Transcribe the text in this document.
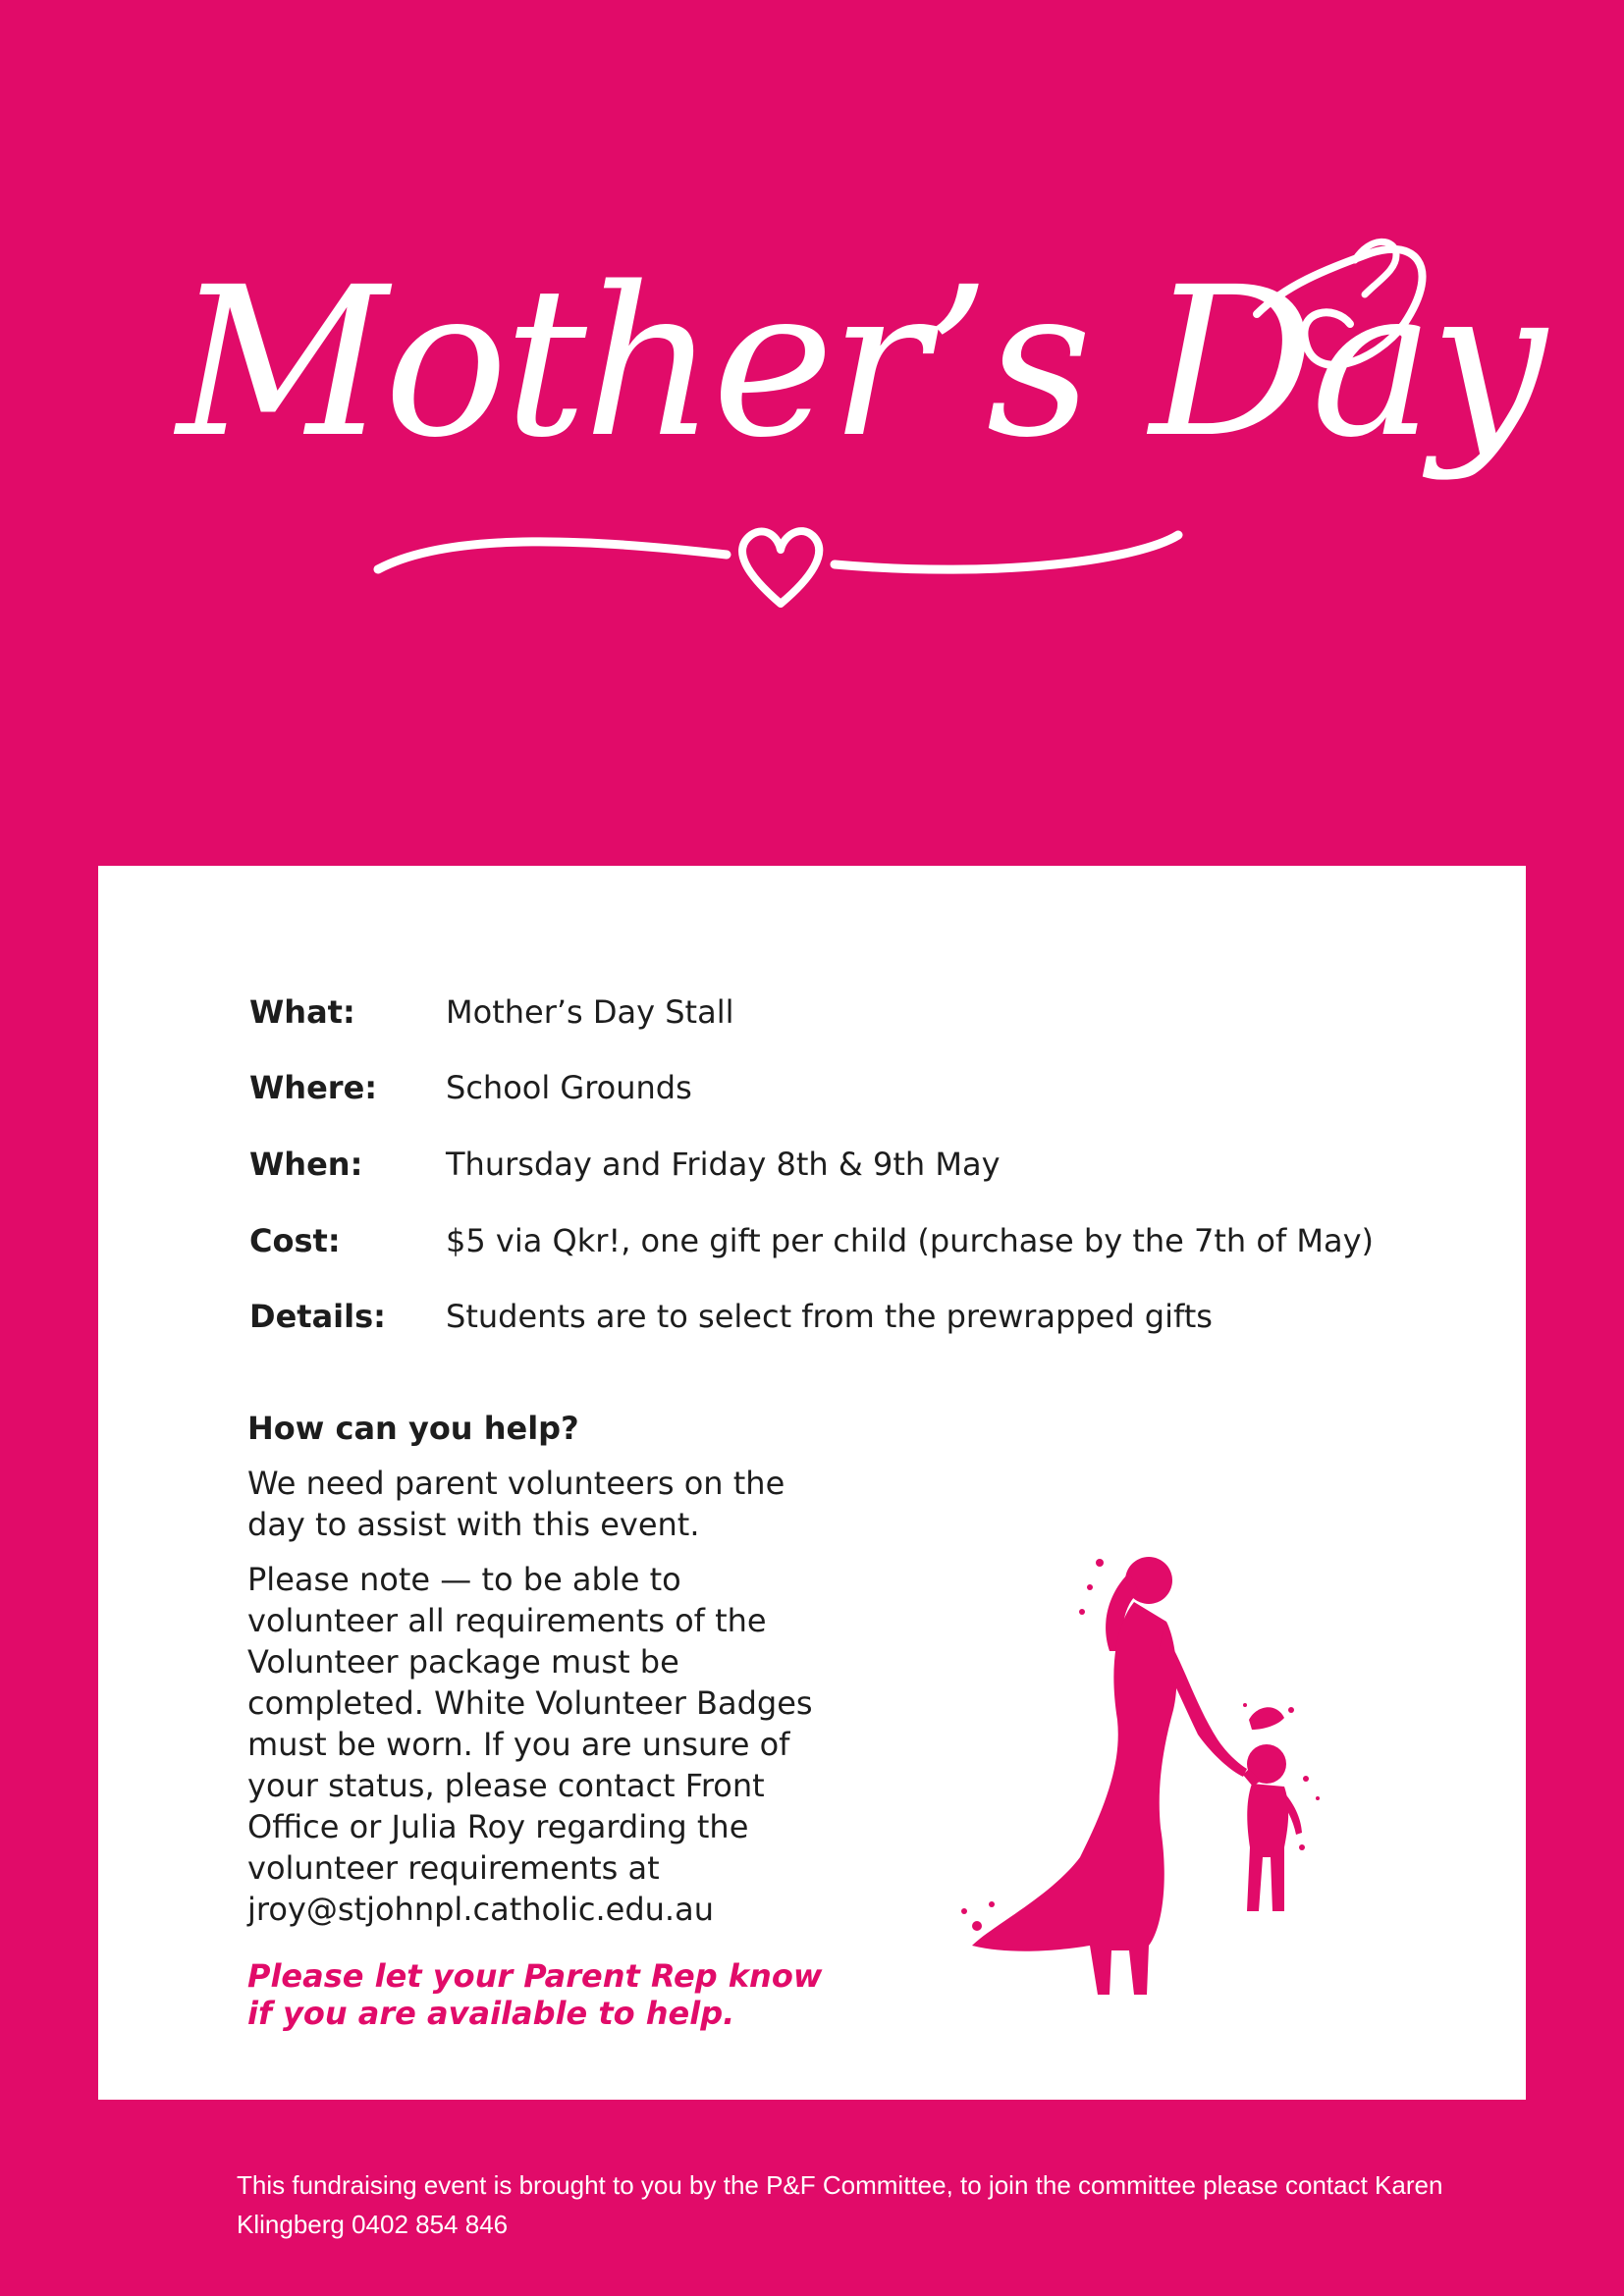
Mother’s Day
What:	Mother’s Day Stall
Where: School Grounds
When:	Thursday and Friday 8th & 9th May
Cost:	$5 via Qkr!, one gift per child (purchase by the 7th of May)
Details: Students are to select from the prewrapped gifts
How can you help?
We need parent volunteers on the day to assist with this event.
Please note — to be able to volunteer all requirements of the Volunteer package must be completed. White Volunteer Badges must be worn. If you are unsure of your status, please contact Front Office or Julia Roy regarding the volunteer requirements at jroy@stjohnpl.catholic.edu.au
Please let your Parent Rep know if you are available to help.
This fundraising event is brought to you by the P&F Committee, to join the committee please contact Karen Klingberg 0402 854 846
